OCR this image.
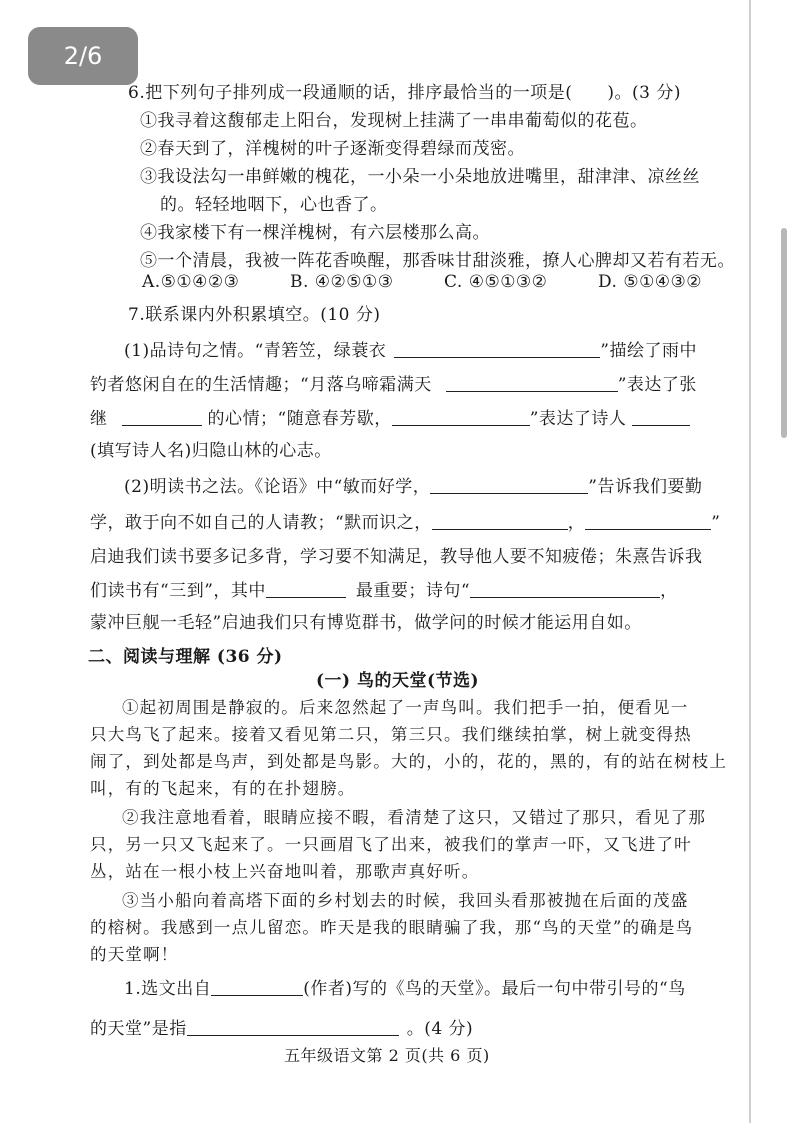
2/6
6.把下列句子排列成一段通顺的话，排序最恰当的一项是(　　)。(3 分)
①我寻着这馥郁走上阳台，发现树上挂满了一串串葡萄似的花苞。
②春天到了，洋槐树的叶子逐渐变得碧绿而茂密。
③我设法勾一串鲜嫩的槐花，一小朵一小朵地放进嘴里，甜津津、凉丝丝
的。轻轻地咽下，心也香了。
④我家楼下有一棵洋槐树，有六层楼那么高。
⑤一个清晨，我被一阵花香唤醒，那香味甘甜淡雅，撩人心脾却又若有若无。
A.⑤①④②③	B. ④②⑤①③	C. ④⑤①③②	D. ⑤①④③②
7.联系课内外积累填空。(10 分)
(1)品诗句之情。“青箬笠，绿蓑衣	”描绘了雨中
钓者悠闲自在的生活情趣；“月落乌啼霜满天	”表达了张
继	的心情；“随意春芳歇，	”表达了诗人
(填写诗人名)归隐山林的心志。
(2)明读书之法。《论语》中“敏而好学，	”告诉我们要勤
学，敢于向不如自己的人请教；“默而识之，	，	”
启迪我们读书要多记多背，学习要不知满足，教导他人要不知疲倦；朱熹告诉我
们读书有“三到”，其中	最重要；诗句“	，
蒙冲巨舰一毛轻”启迪我们只有博览群书，做学问的时候才能运用自如。
二、阅读与理解 (36 分)
(一) 鸟的天堂(节选)
①起初周围是静寂的。后来忽然起了一声鸟叫。我们把手一拍，便看见一
只大鸟飞了起来。接着又看见第二只，第三只。我们继续拍掌，树上就变得热
闹了，到处都是鸟声，到处都是鸟影。大的，小的，花的，黑的，有的站在树枝上
叫，有的飞起来，有的在扑翅膀。
②我注意地看着，眼睛应接不暇，看清楚了这只，又错过了那只，看见了那
只，另一只又飞起来了。一只画眉飞了出来，被我们的掌声一吓，又飞进了叶
丛，站在一根小枝上兴奋地叫着，那歌声真好听。
③当小船向着高塔下面的乡村划去的时候，我回头看那被抛在后面的茂盛
的榕树。我感到一点儿留恋。昨天是我的眼睛骗了我，那“鸟的天堂”的确是鸟
的天堂啊！
1.选文出自	(作者)写的《鸟的天堂》。最后一句中带引号的“鸟
的天堂”是指	。(4 分)
五年级语文第 2 页(共 6 页)
